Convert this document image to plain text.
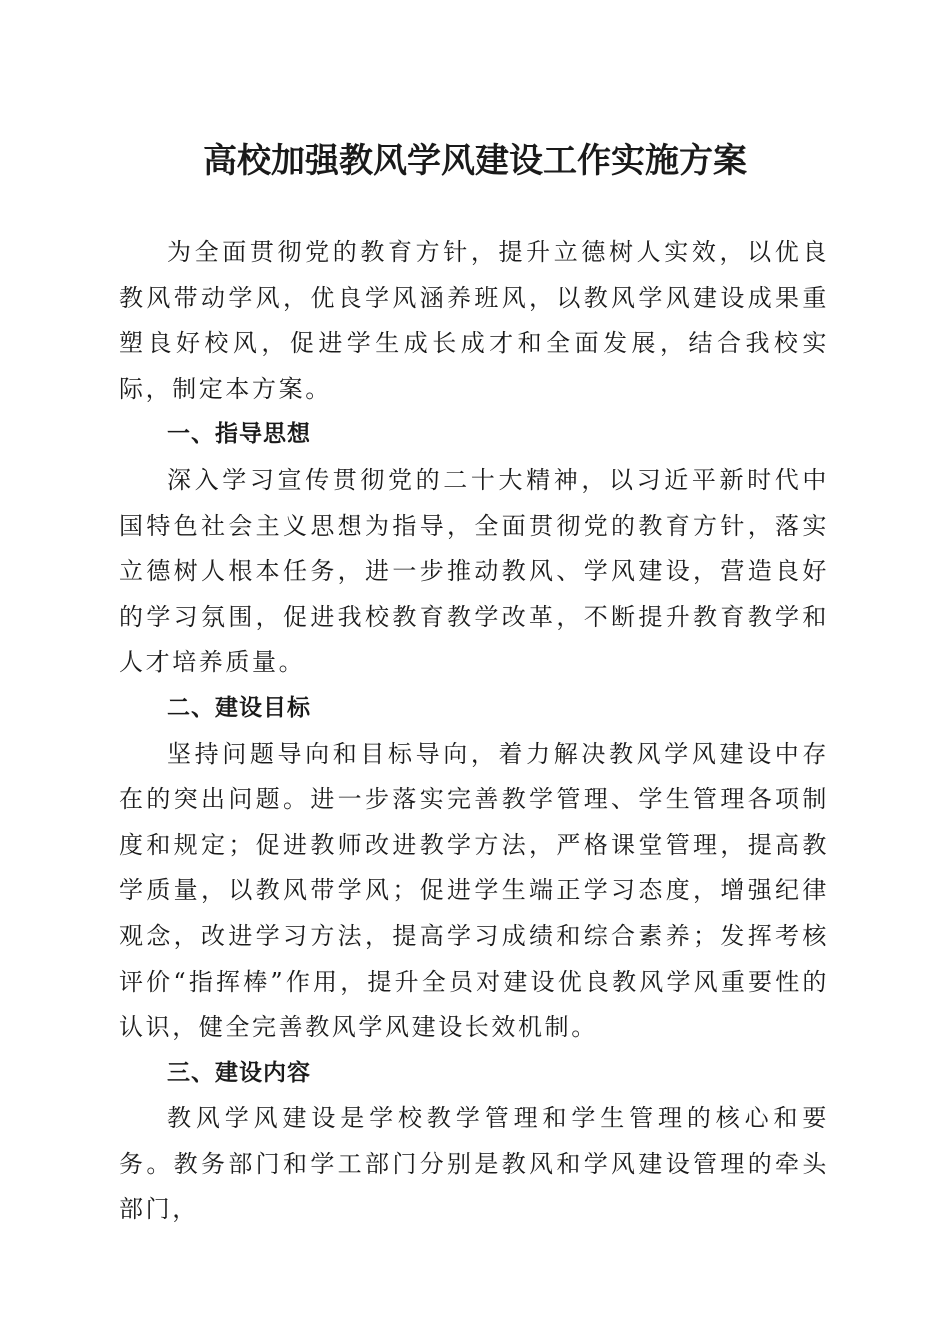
高校加强教风学风建设工作实施方案

为全面贯彻党的教育方针，提升立德树人实效，以优良教风带动学风，优良学风涵养班风，以教风学风建设成果重塑良好校风，促进学生成长成才和全面发展，结合我校实际，制定本方案。

一、指导思想

深入学习宣传贯彻党的二十大精神，以习近平新时代中国特色社会主义思想为指导，全面贯彻党的教育方针，落实立德树人根本任务，进一步推动教风、学风建设，营造良好的学习氛围，促进我校教育教学改革，不断提升教育教学和人才培养质量。

二、建设目标

坚持问题导向和目标导向，着力解决教风学风建设中存在的突出问题。进一步落实完善教学管理、学生管理各项制度和规定；促进教师改进教学方法，严格课堂管理，提高教学质量，以教风带学风；促进学生端正学习态度，增强纪律观念，改进学习方法，提高学习成绩和综合素养；发挥考核评价“指挥棒”作用，提升全员对建设优良教风学风重要性的认识，健全完善教风学风建设长效机制。

三、建设内容

教风学风建设是学校教学管理和学生管理的核心和要务。教务部门和学工部门分别是教风和学风建设管理的牵头部门，
